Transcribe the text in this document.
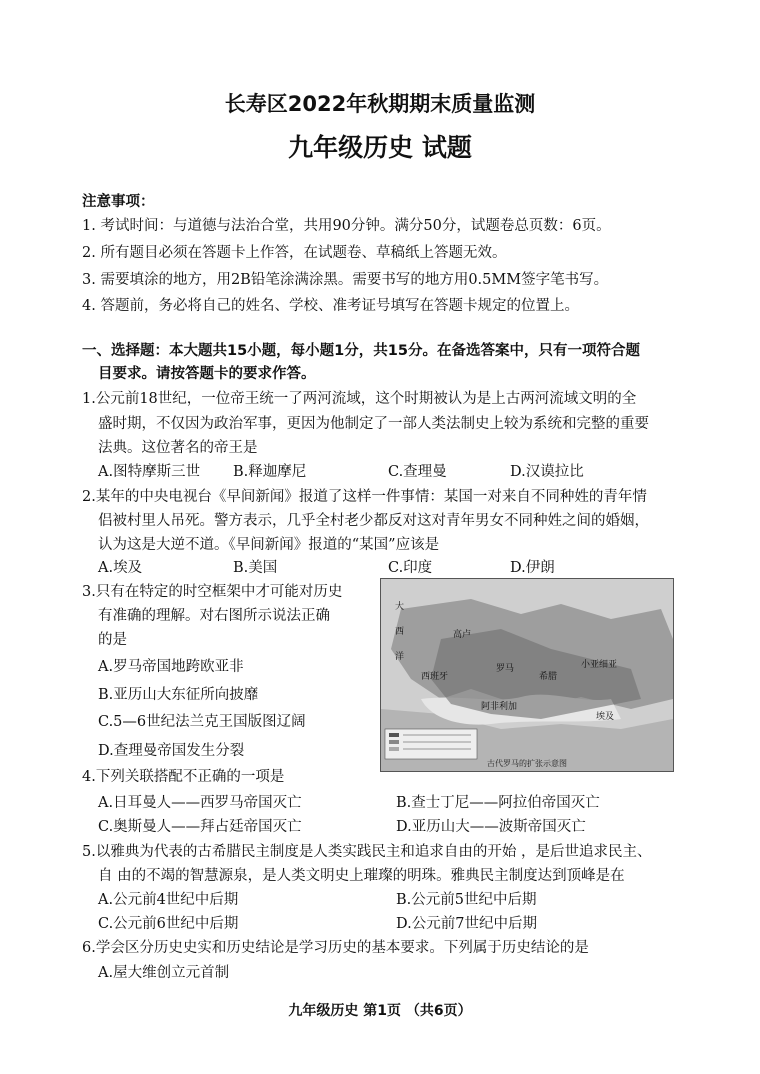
长寿区2022年秋期期末质量监测
九年级历史 试题
注意事项：
1. 考试时间：与道德与法治合堂，共用90分钟。满分50分，试题卷总页数：6页。
2. 所有题目必须在答题卡上作答，在试题卷、草稿纸上答题无效。
3. 需要填涂的地方，用2B铅笔涂满涂黑。需要书写的地方用0.5MM签字笔书写。
4. 答题前，务必将自己的姓名、学校、准考证号填写在答题卡规定的位置上。
一、选择题：本大题共15小题，每小题1分，共15分。在备选答案中，只有一项符合题
目要求。请按答题卡的要求作答。
1.公元前18世纪，一位帝王统一了两河流域，这个时期被认为是上古两河流域文明的全
盛时期，不仅因为政治军事，更因为他制定了一部人类法制史上较为系统和完整的重要
法典。这位著名的帝王是
A.图特摩斯三世 B.释迦摩尼	C.查理曼	D.汉谟拉比
2.某年的中央电视台《早间新闻》报道了这样一件事情：某国一对来自不同种姓的青年情
侣被村里人吊死。警方表示，几乎全村老少都反对这对青年男女不同种姓之间的婚姻，
认为这是大逆不道。《早间新闻》报道的“某国”应该是
A.埃及	B.美国	C.印度	D.伊朗
3.只有在特定的时空框架中才可能对历史
有准确的理解。对右图所示说法正确
的是
A.罗马帝国地跨欧亚非
B.亚历山大东征所向披靡
C.5—6世纪法兰克王国版图辽阔
D.查理曼帝国发生分裂
大
西
洋
高卢
西班牙
罗马
希腊
小亚细亚
埃及
阿非利加
古代罗马的扩张示意图
4.下列关联搭配不正确的一项是
A.日耳曼人——西罗马帝国灭亡	B.查士丁尼——阿拉伯帝国灭亡
C.奥斯曼人——拜占廷帝国灭亡	D.亚历山大——波斯帝国灭亡
5.以雅典为代表的古希腊民主制度是人类实践民主和追求自由的开始 ，是后世追求民主、
自 由的不竭的智慧源泉，是人类文明史上璀璨的明珠。雅典民主制度达到顶峰是在
A.公元前4世纪中后期	B.公元前5世纪中后期
C.公元前6世纪中后期	D.公元前7世纪中后期
6.学会区分历史史实和历史结论是学习历史的基本要求。下列属于历史结论的是
A.屋大维创立元首制
九年级历史 第1页 （共6页）
